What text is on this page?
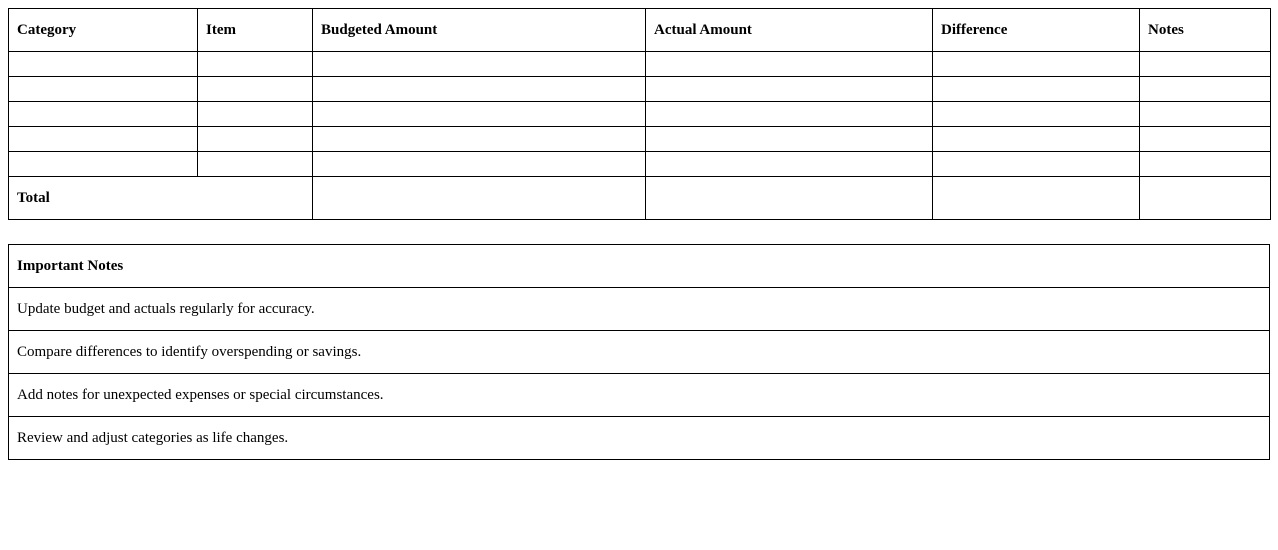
Category	Item	Budgeted Amount	Actual Amount	Difference	Notes

Total					
Important Notes
Update budget and actuals regularly for accuracy.
Compare differences to identify overspending or savings.
Add notes for unexpected expenses or special circumstances.
Review and adjust categories as life changes.
